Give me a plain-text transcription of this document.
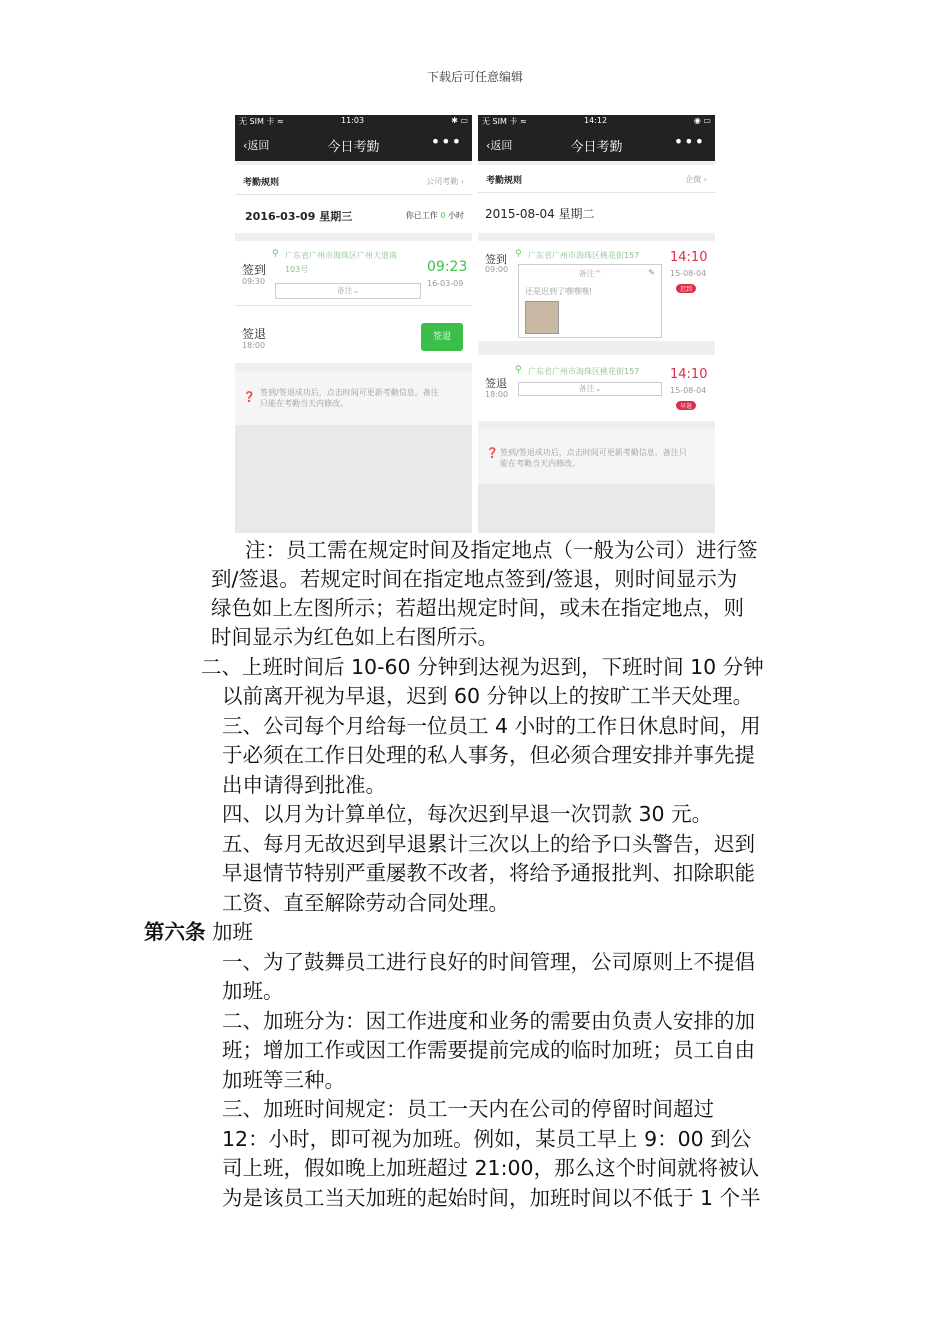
下载后可任意编辑
无 SIM 卡 ≈	11:03	✱ ▭
‹返回	今日考勤	•••
考勤规则	公司考勤 ›
2016-03-09 星期三	你已工作 0 小时
⚲ 广东省广州市海珠区广州大道南
103号
签到
09:30
09:23
16-03-09
备注⌄
签退
18:00
签退
❓ 签到/签退成功后，点击时间可更新考勤信息，备注
只能在考勤当天内修改。
无 SIM 卡 ≈	14:12	◉ ▭
‹返回	今日考勤	•••
考勤规则	企微 ›
2015-08-04 星期二
⚲ 广东省广州市海珠区桃花街157
签到
09:00
14:10
15-08-04
迟到
备注^	✎
还是迟到了嘿嘿嘿!
⚲ 广东省广州市海珠区桃花街157
签退
18:00
备注⌄
14:10
15-08-04
早退
❓ 签到/签退成功后，点击时间可更新考勤信息，备注只
能在考勤当天内修改。
注：员工需在规定时间及指定地点（一般为公司）进行签
到/签退。若规定时间在指定地点签到/签退，则时间显示为
绿色如上左图所示；若超出规定时间，或未在指定地点，则
时间显示为红色如上右图所示。
二、上班时间后 10-60 分钟到达视为迟到，下班时间 10 分钟
以前离开视为早退，迟到 60 分钟以上的按旷工半天处理。
三、公司每个月给每一位员工 4 小时的工作日休息时间，用
于必须在工作日处理的私人事务，但必须合理安排并事先提
出申请得到批准。
四、以月为计算单位，每次迟到早退一次罚款 30 元。
五、每月无故迟到早退累计三次以上的给予口头警告，迟到
早退情节特别严重屡教不改者，将给予通报批判、扣除职能
工资、直至解除劳动合同处理。
第六条 加班
一、为了鼓舞员工进行良好的时间管理，公司原则上不提倡
加班。
二、加班分为：因工作进度和业务的需要由负责人安排的加
班；增加工作或因工作需要提前完成的临时加班；员工自由
加班等三种。
三、加班时间规定：员工一天内在公司的停留时间超过
12：小时，即可视为加班。例如，某员工早上 9：00 到公
司上班，假如晚上加班超过 21:00，那么这个时间就将被认
为是该员工当天加班的起始时间，加班时间以不低于 1 个半
